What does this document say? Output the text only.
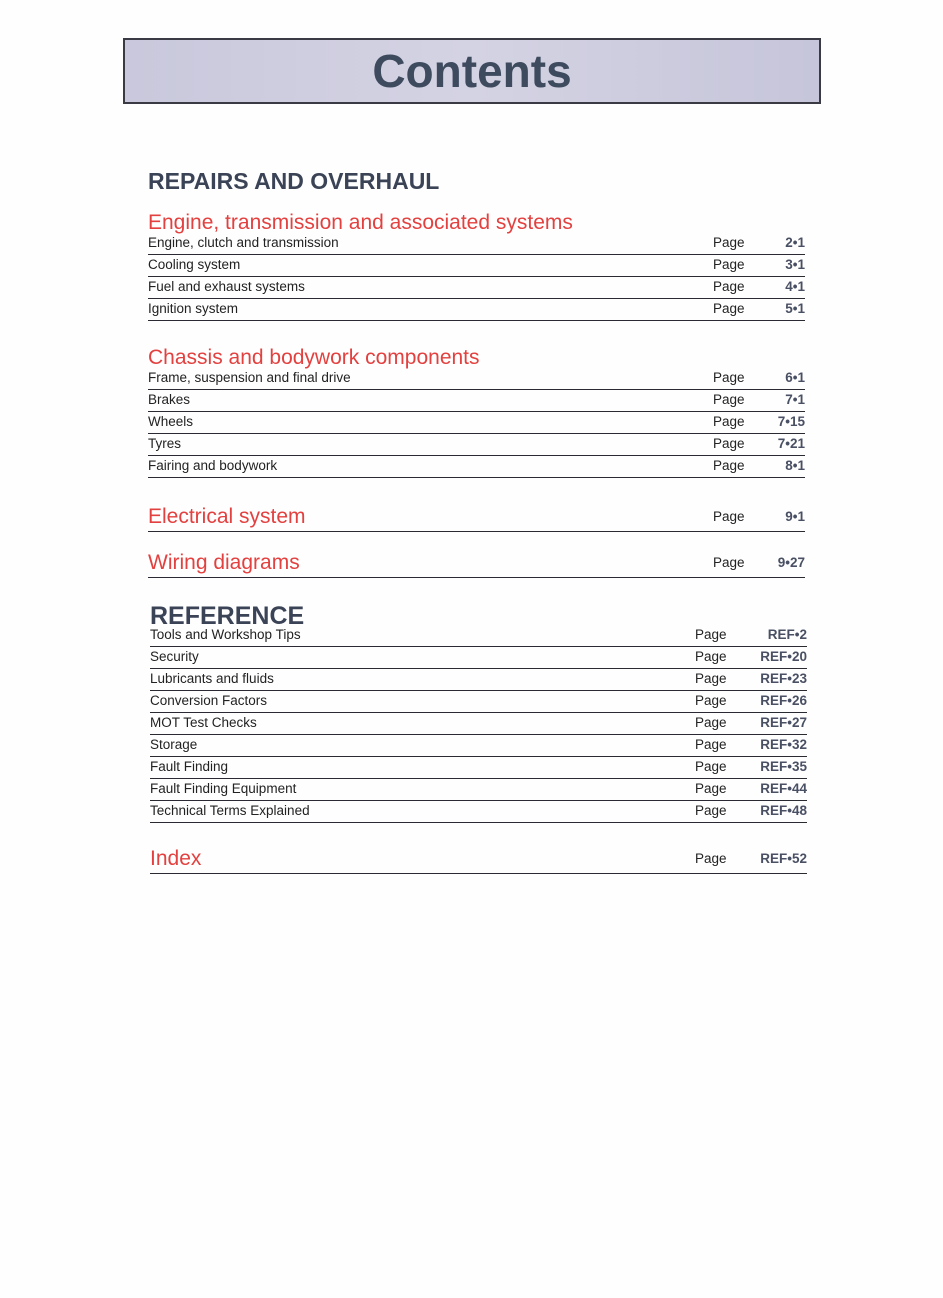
Contents
REPAIRS AND OVERHAUL
Engine, transmission and associated systems
Engine, clutch and transmission	Page	2•1
Cooling system	Page	3•1
Fuel and exhaust systems	Page	4•1
Ignition system	Page	5•1
Chassis and bodywork components
Frame, suspension and final drive	Page	6•1
Brakes	Page	7•1
Wheels	Page	7•15
Tyres	Page	7•21
Fairing and bodywork	Page	8•1
Electrical system	Page	9•1
Wiring diagrams	Page	9•27
REFERENCE
Tools and Workshop Tips	Page	REF•2
Security	Page	REF•20
Lubricants and fluids	Page	REF•23
Conversion Factors	Page	REF•26
MOT Test Checks	Page	REF•27
Storage	Page	REF•32
Fault Finding	Page	REF•35
Fault Finding Equipment	Page	REF•44
Technical Terms Explained	Page	REF•48
Index	Page	REF•52
